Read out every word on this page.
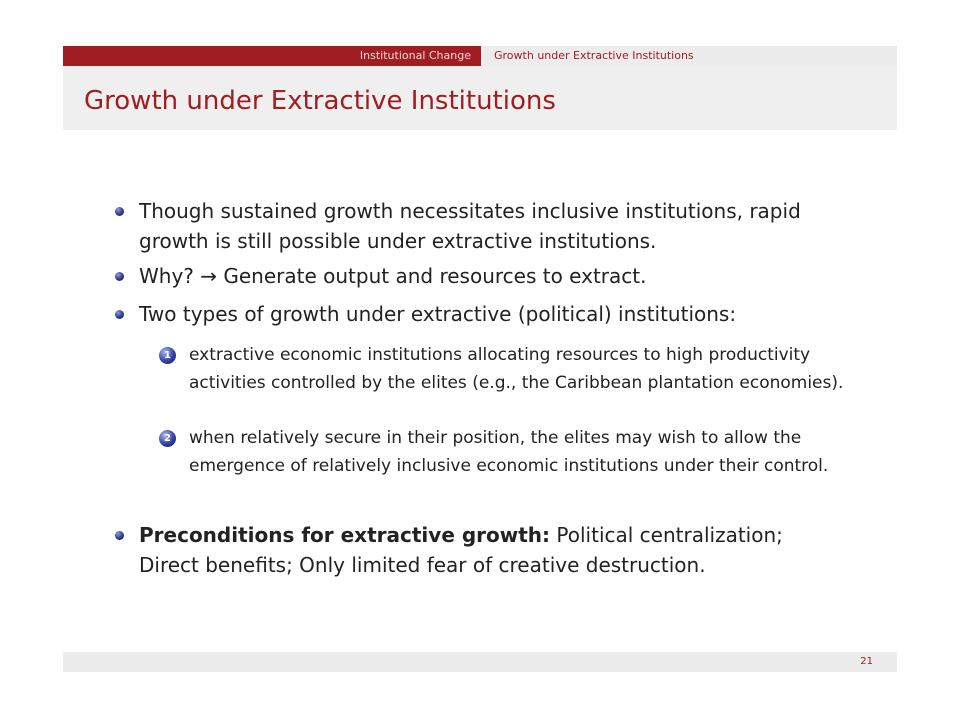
Institutional Change	Growth under Extractive Institutions
Growth under Extractive Institutions
Though sustained growth necessitates inclusive institutions, rapid growth is still possible under extractive institutions.
Why? → Generate output and resources to extract.
Two types of growth under extractive (political) institutions:
1 extractive economic institutions allocating resources to high productivity activities controlled by the elites (e.g., the Caribbean plantation economies).
2 when relatively secure in their position, the elites may wish to allow the emergence of relatively inclusive economic institutions under their control.
Preconditions for extractive growth: Political centralization; Direct benefits; Only limited fear of creative destruction.
21
